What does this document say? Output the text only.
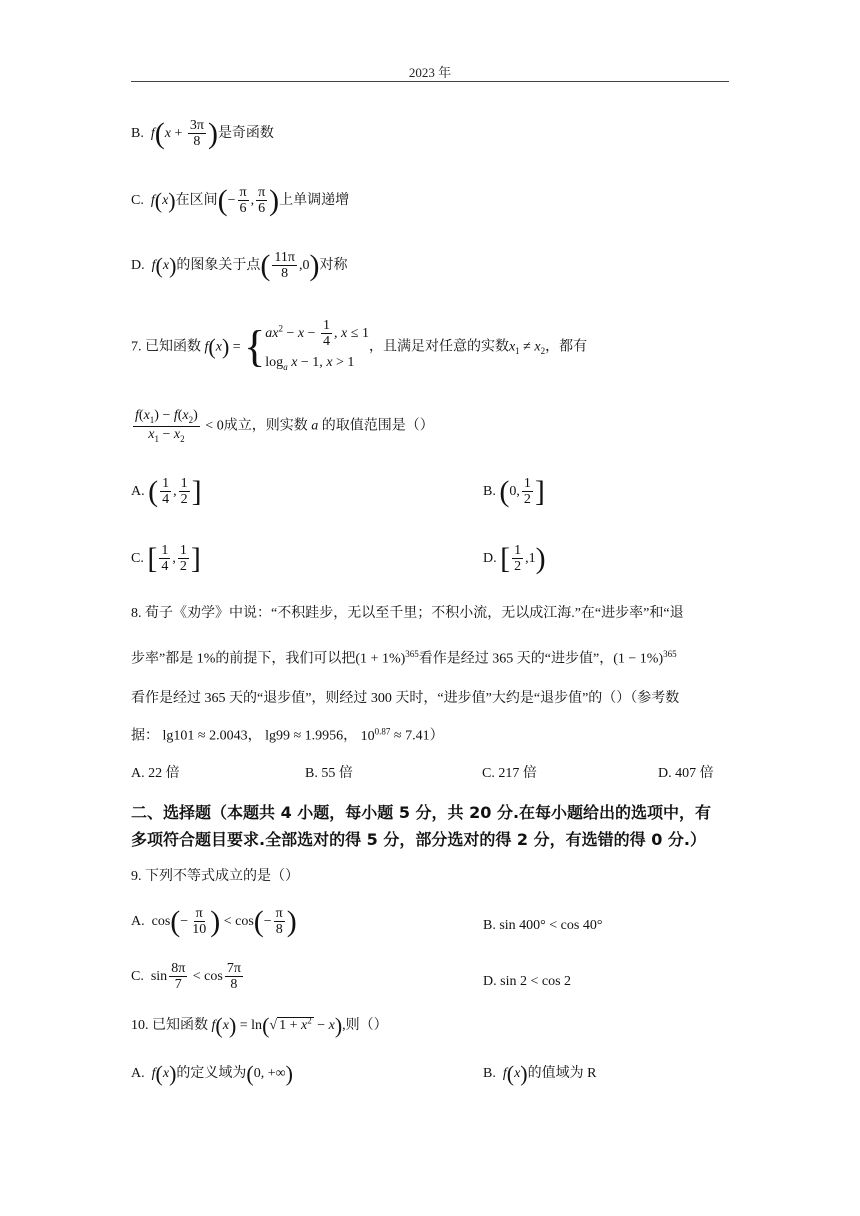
2023 年
B.  $f(x + \frac{3\pi}{8}$ )是奇函数
C.  f(x)在区间(− $\frac{\pi}{6}$ , $\frac{\pi}{6}$ )上单调递增
D.  f(x)的图象关于点( $\frac{11\pi}{8} ,0$)对称
7. 已知函数 f(x) = { $ax^2 - x - \frac{1}{4}$ , x ≤ 1
$\log_a x - 1$, x > 1
，且满足对任意的实数$x_1 \ne x_2$，都有
$\frac{f(x_1) - f(x_2)}{x_1 - x_2} < 0$成立，则实数 a 的取值范围是（）
A. ( $\frac{1}{4}$ , $\frac{1}{2}$ ]	B. (0, $\frac{1}{2}$ ]
C. [ $\frac{1}{4}$ , $\frac{1}{2}$ ]	D. [ $\frac{1}{2} ,1$)
8. 荀子《劝学》中说：“不积跬步，无以至千里；不积小流，无以成江海.”在“进步率”和“退
步率”都是 1%的前提下，我们可以把$(1 + 1\%)^{365}$看作是经过 365 天的“进步值”，$(1 - 1\%)^{365}$
看作是经过 365 天的“退步值”，则经过 300 天时，“进步值”大约是“退步值”的（）（参考数
据： lg101 ≈ 2.0043， lg99 ≈ 1.9956， $10^{0.87} \approx 7.41$）
A. 22 倍	B. 55 倍	C. 217 倍	D. 407 倍
二、选择题（本题共 4 小题，每小题 5 分，共 20 分.在每小题给出的选项中，有
多项符合题目要求.全部选对的得 5 分，部分选对的得 2 分，有选错的得 0 分.）
9. 下列不等式成立的是（）
A.  $\cos(- \frac{\pi}{10}$ ) < $\cos(- \frac{\pi}{8}$ )	B. sin 400° < cos 40°
C.  $\sin \frac{8\pi}{7} < \cos \frac{7\pi}{8}$	D. sin 2 < cos 2
10. 已知函数 f(x) = ln(√ $1 + x^2 - x$),则（）
A.  f(x)的定义域为(0, +∞)	B.  f(x)的值域为 R
